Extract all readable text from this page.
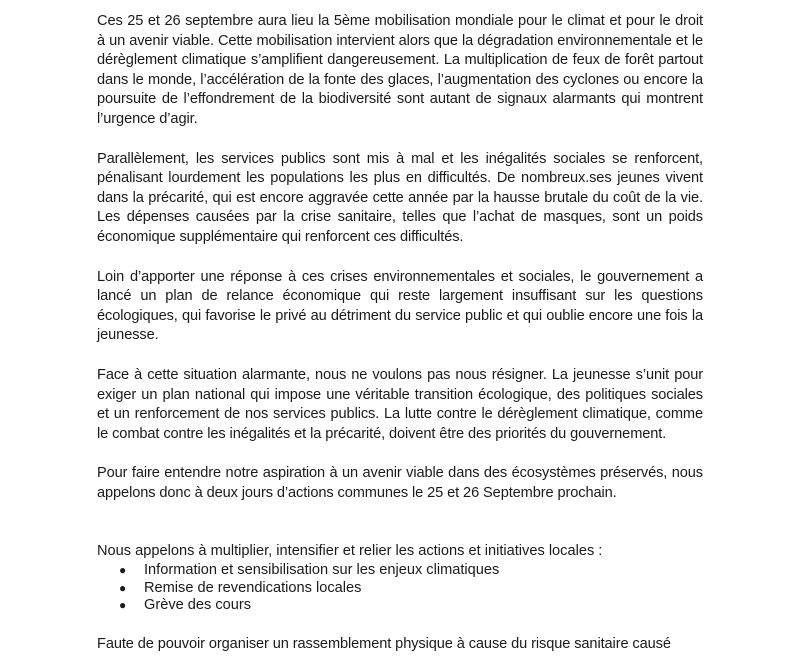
Ces 25 et 26 septembre aura lieu la 5ème mobilisation mondiale pour le climat et pour le droit à un avenir viable. Cette mobilisation intervient alors que la dégradation environnementale et le dérèglement climatique s’amplifient dangereusement. La multiplication de feux de forêt partout dans le monde, l’accélération de la fonte des glaces, l’augmentation des cyclones ou encore la poursuite de l’effondrement de la biodiversité sont autant de signaux alarmants qui montrent l’urgence d’agir.

Parallèlement, les services publics sont mis à mal et les inégalités sociales se renforcent, pénalisant lourdement les populations les plus en difficultés. De nombreux.ses jeunes vivent dans la précarité, qui est encore aggravée cette année par la hausse brutale du coût de la vie. Les dépenses causées par la crise sanitaire, telles que l’achat de masques, sont un poids économique supplémentaire qui renforcent ces difficultés.

Loin d’apporter une réponse à ces crises environnementales et sociales, le gouvernement a lancé un plan de relance économique qui reste largement insuffisant sur les questions écologiques, qui favorise le privé au détriment du service public et qui oublie encore une fois la jeunesse.

Face à cette situation alarmante, nous ne voulons pas nous résigner. La jeunesse s’unit pour exiger un plan national qui impose une véritable transition écologique, des politiques sociales et un renforcement de nos services publics. La lutte contre le dérèglement climatique, comme le combat contre les inégalités et la précarité, doivent être des priorités du gouvernement.

Pour faire entendre notre aspiration à un avenir viable dans des écosystèmes préservés, nous appelons donc à deux jours d’actions communes le 25 et 26 Septembre prochain.

Nous appelons à multiplier, intensifier et relier les actions et initiatives locales :

● Information et sensibilisation sur les enjeux climatiques
● Remise de revendications locales
● Grève des cours

Faute de pouvoir organiser un rassemblement physique à cause du risque sanitaire causé
